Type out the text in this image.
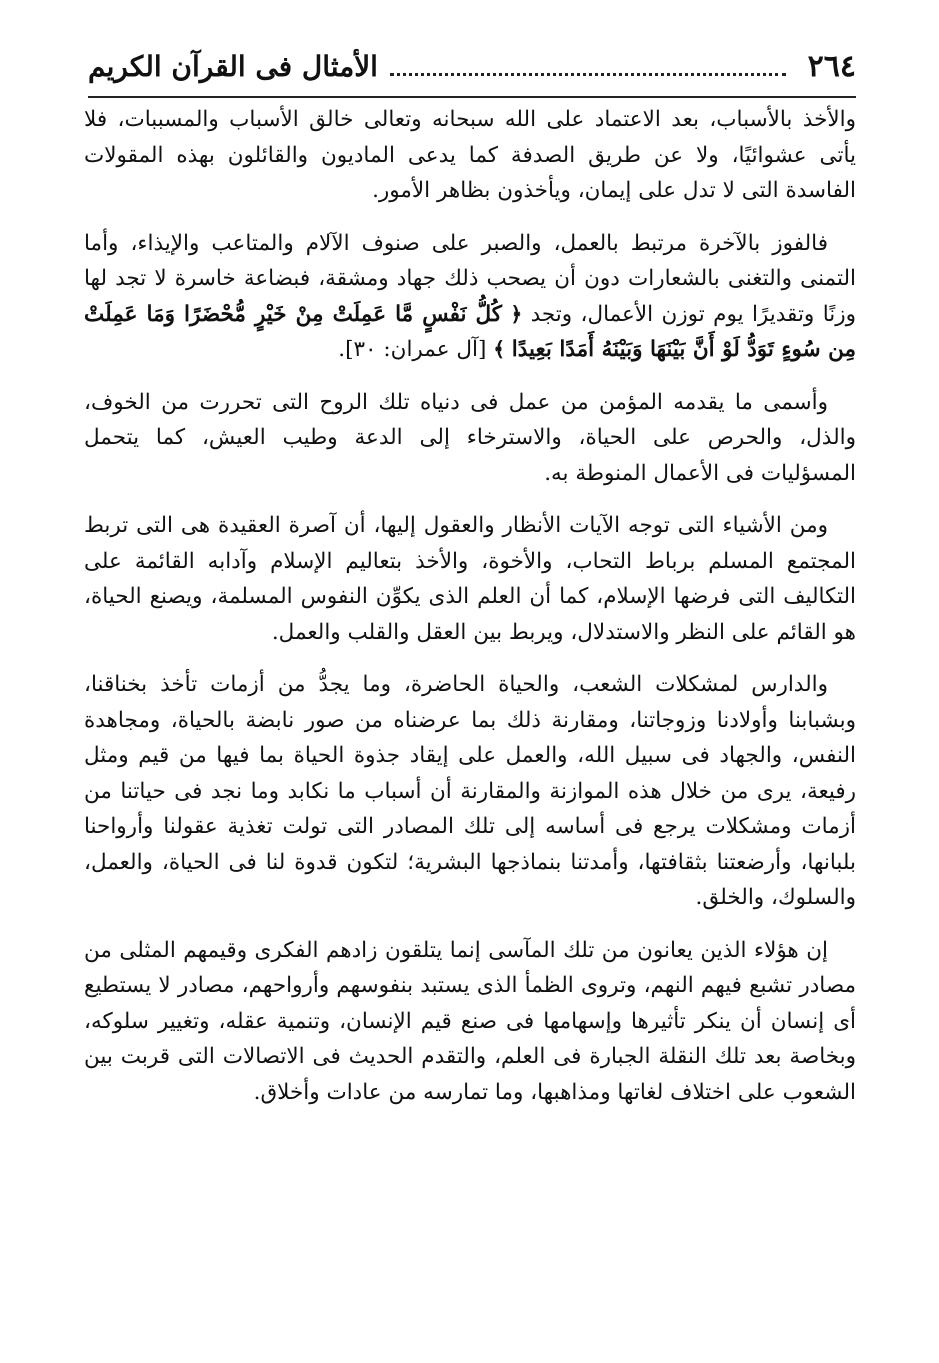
٢٦٤
الأمثال فى القرآن الكريم

والأخذ بالأسباب، بعد الاعتماد على الله سبحانه وتعالى خالق الأسباب والمسببات، فلا يأتى عشوائيًا، ولا عن طريق الصدفة كما يدعى الماديون والقائلون بهذه المقولات الفاسدة التى لا تدل على إيمان، ويأخذون بظاهر الأمور.

فالفوز بالآخرة مرتبط بالعمل، والصبر على صنوف الآلام والمتاعب والإيذاء، وأما التمنى والتغنى بالشعارات دون أن يصحب ذلك جهاد ومشقة، فبضاعة خاسرة لا تجد لها وزنًا وتقديرًا يوم توزن الأعمال، وتجد ﴿ كُلُّ نَفْسٍ مَّا عَمِلَتْ مِنْ خَيْرٍ مُّحْضَرًا وَمَا عَمِلَتْ مِن سُوءٍ تَوَدُّ لَوْ أَنَّ بَيْنَهَا وَبَيْنَهُ أَمَدًا بَعِيدًا ﴾ [آل عمران: ٣٠].

وأسمى ما يقدمه المؤمن من عمل فى دنياه تلك الروح التى تحررت من الخوف، والذل، والحرص على الحياة، والاسترخاء إلى الدعة وطيب العيش، كما يتحمل المسؤليات فى الأعمال المنوطة به.

ومن الأشياء التى توجه الآيات الأنظار والعقول إليها، أن آصرة العقيدة هى التى تربط المجتمع المسلم برباط التحاب، والأخوة، والأخذ بتعاليم الإسلام وآدابه القائمة على التكاليف التى فرضها الإسلام، كما أن العلم الذى يكوِّن النفوس المسلمة، ويصنع الحياة، هو القائم على النظر والاستدلال، ويربط بين العقل والقلب والعمل.

والدارس لمشكلات الشعب، والحياة الحاضرة، وما يجدُّ من أزمات تأخذ بخناقنا، وبشبابنا وأولادنا وزوجاتنا، ومقارنة ذلك بما عرضناه من صور نابضة بالحياة، ومجاهدة النفس، والجهاد فى سبيل الله، والعمل على إيقاد جذوة الحياة بما فيها من قيم ومثل رفيعة، يرى من خلال هذه الموازنة والمقارنة أن أسباب ما نكابد وما نجد فى حياتنا من أزمات ومشكلات يرجع فى أساسه إلى تلك المصادر التى تولت تغذية عقولنا وأرواحنا بلبانها، وأرضعتنا بثقافتها، وأمدتنا بنماذجها البشرية؛ لتكون قدوة لنا فى الحياة، والعمل، والسلوك، والخلق.

إن هؤلاء الذين يعانون من تلك المآسى إنما يتلقون زادهم الفكرى وقيمهم المثلى من مصادر تشبع فيهم النهم، وتروى الظمأ الذى يستبد بنفوسهم وأرواحهم، مصادر لا يستطيع أى إنسان أن ينكر تأثيرها وإسهامها فى صنع قيم الإنسان، وتنمية عقله، وتغيير سلوكه، وبخاصة بعد تلك النقلة الجبارة فى العلم، والتقدم الحديث فى الاتصالات التى قربت بين الشعوب على اختلاف لغاتها ومذاهبها، وما تمارسه من عادات وأخلاق.
